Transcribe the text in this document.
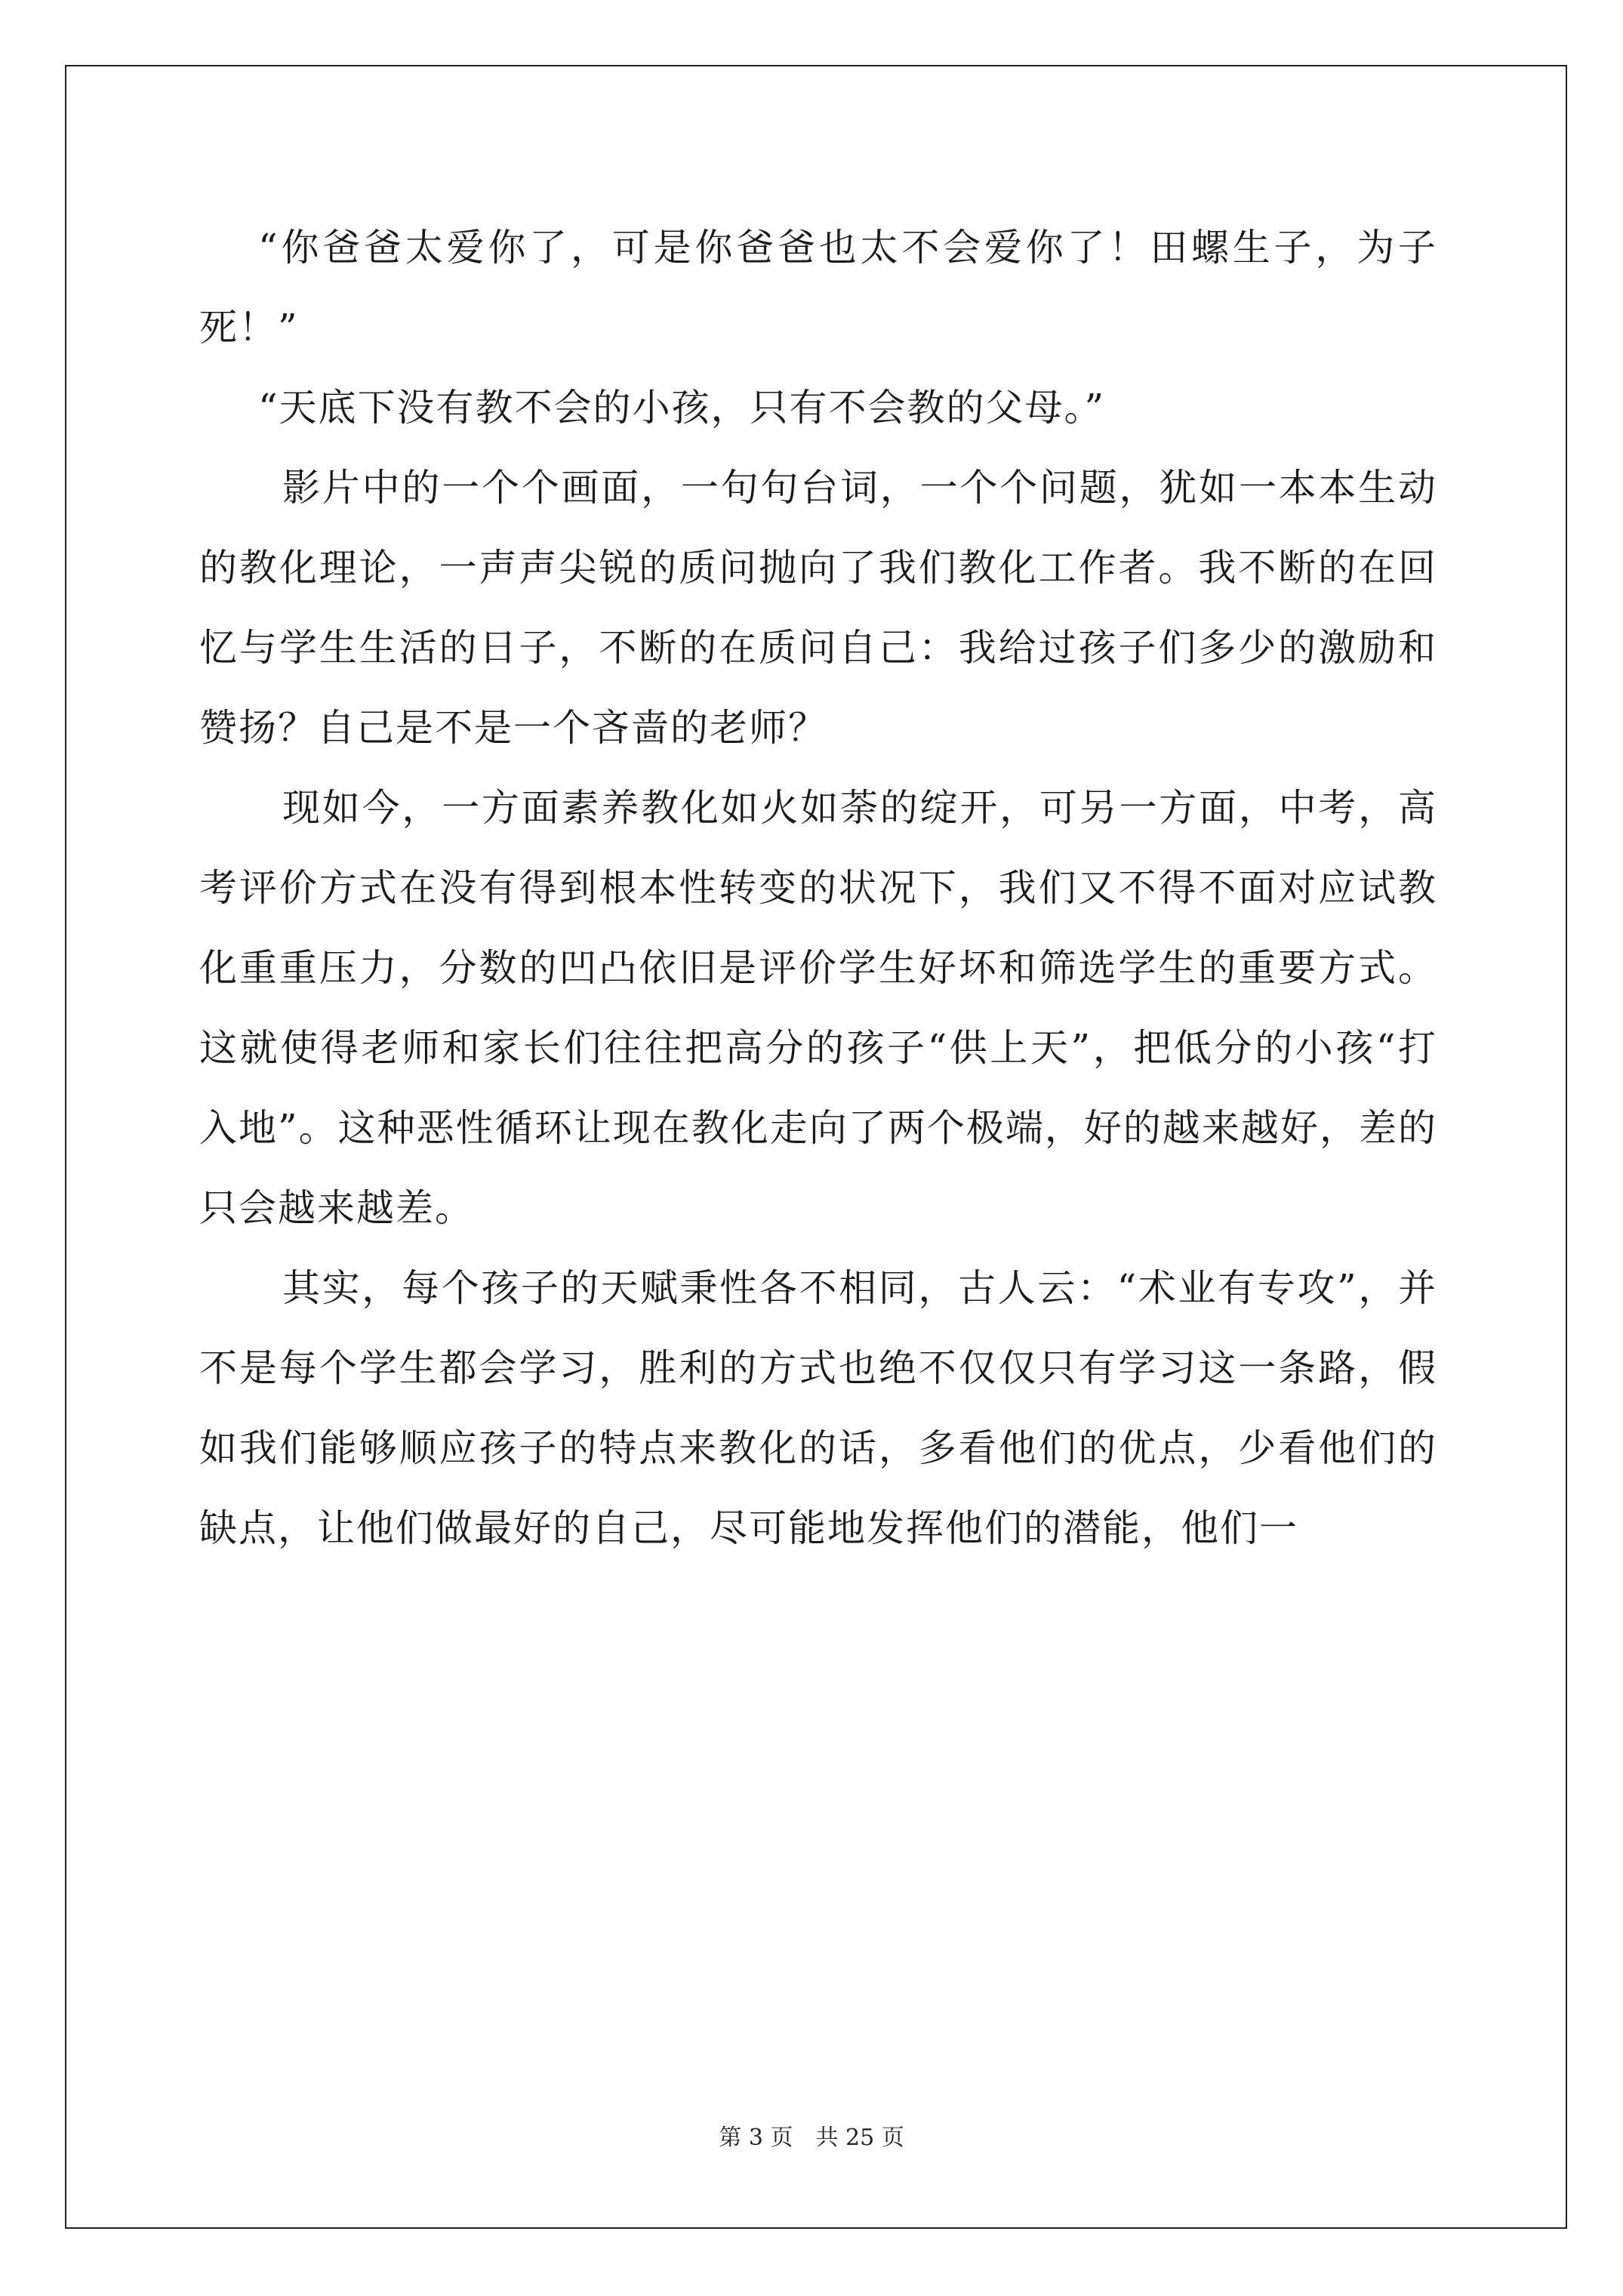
“你爸爸太爱你了，可是你爸爸也太不会爱你了！田螺生子，为子死！”

“天底下没有教不会的小孩，只有不会教的父母。”

影片中的一个个画面，一句句台词，一个个问题，犹如一本本生动的教化理论，一声声尖锐的质问抛向了我们教化工作者。我不断的在回忆与学生生活的日子，不断的在质问自己：我给过孩子们多少的激励和赞扬？自己是不是一个吝啬的老师？

现如今，一方面素养教化如火如荼的绽开，可另一方面，中考，高考评价方式在没有得到根本性转变的状况下，我们又不得不面对应试教化重重压力，分数的凹凸依旧是评价学生好坏和筛选学生的重要方式。这就使得老师和家长们往往把高分的孩子“供上天”，把低分的小孩“打入地”。这种恶性循环让现在教化走向了两个极端，好的越来越好，差的只会越来越差。

其实，每个孩子的天赋秉性各不相同，古人云：“术业有专攻”，并不是每个学生都会学习，胜利的方式也绝不仅仅只有学习这一条路，假如我们能够顺应孩子的特点来教化的话，多看他们的优点，少看他们的缺点，让他们做最好的自己，尽可能地发挥他们的潜能，他们一

第 3 页　共 25 页
